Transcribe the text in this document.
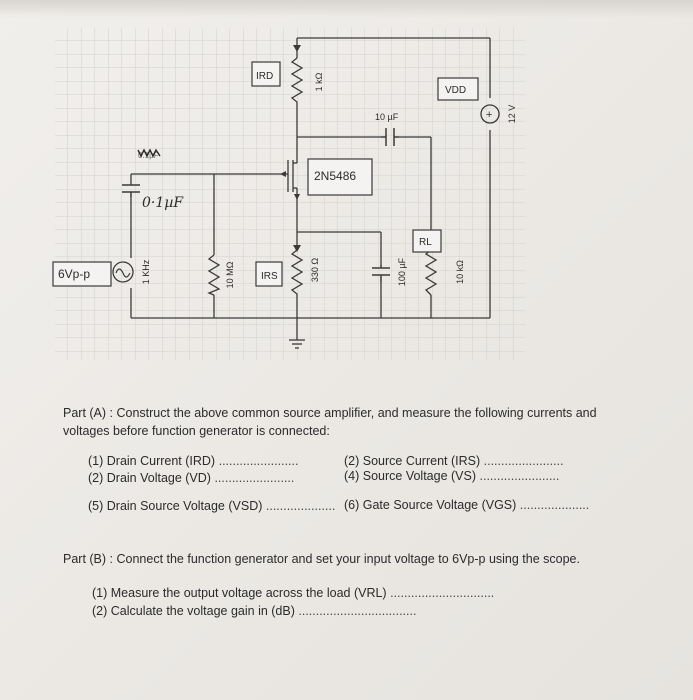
+
IRD
VDD
2N5486
RL
6Vp-p	IRS
10 µF
0·1µF
0.1µF
1 kΩ
12 V
1 KHz	10 MΩ	330 Ω	100 µF	10 kΩ
Part (A) : Construct the above common source amplifier, and measure the following currents and
voltages before function generator is connected:
(1) Drain Current (IRD) .......................	(2) Source Current (IRS) .......................
(2) Drain Voltage (VD) .......................	(4) Source Voltage (VS) .......................
(5) Drain Source Voltage (VSD) .................... (6) Gate Source Voltage (VGS) ....................
Part (B) : Connect the function generator and set your input voltage to 6Vp-p using the scope.
(1) Measure the output voltage across the load (VRL) ..............................
(2) Calculate the voltage gain in (dB) ..................................
